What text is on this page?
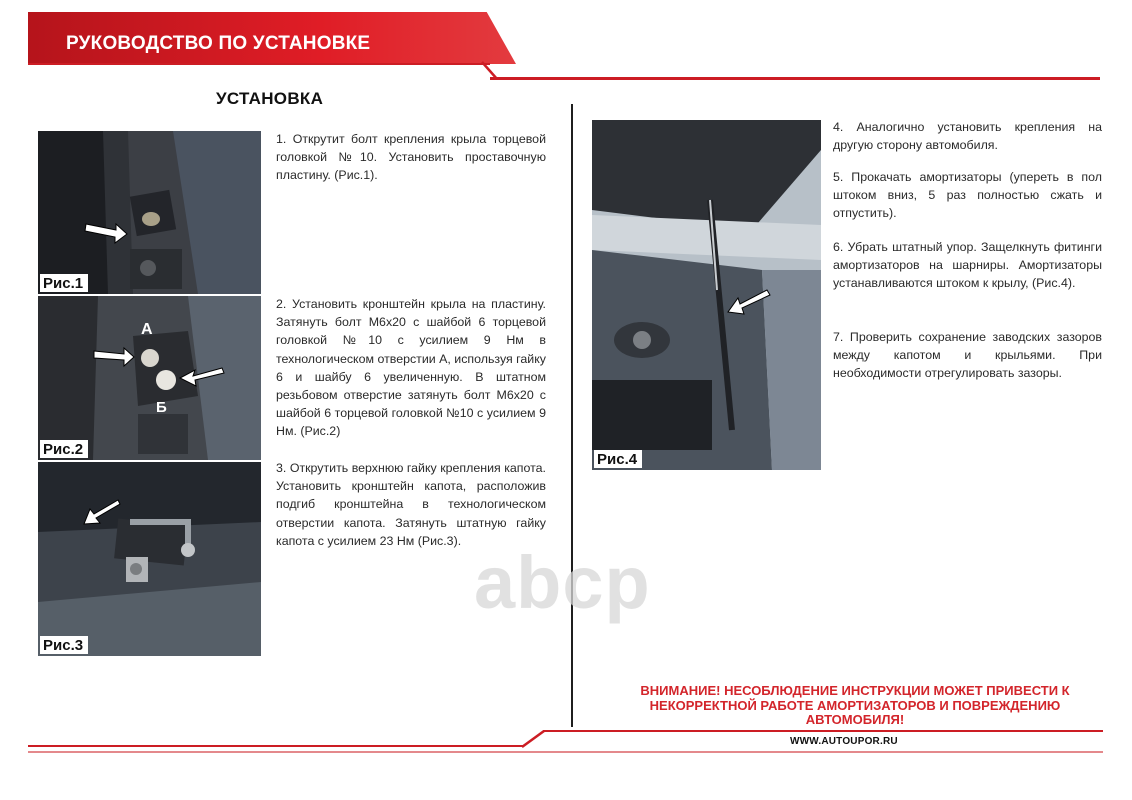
РУКОВОДСТВО ПО УСТАНОВКЕ
УСТАНОВКА
Рис.1
А
Б
Рис.2
Рис.3
Рис.4
1. Открутит болт крепления крыла торцевой головкой №10. Установить проставочную пластину. (Рис.1).
2. Установить кронштейн крыла на пластину. Затянуть болт М6х20 с шайбой 6 торцевой головкой №10 с усилием 9 Нм в технологическом отверстии А, используя гайку 6 и шайбу 6 увеличенную. В штатном резьбовом отверстие затянуть болт М6х20 с шайбой 6 торцевой головкой №10 с усилием 9 Нм. (Рис.2)
3. Открутить верхнюю гайку крепления капота. Установить кронштейн капота, расположив подгиб кронштейна в технологическом отверстии капота. Затянуть штатную гайку капота с усилием 23 Нм (Рис.3).
4. Аналогично установить крепления на другую сторону автомобиля.
5. Прокачать амортизаторы (упереть в пол штоком вниз, 5 раз полностью сжать и отпустить).
6. Убрать штатный упор. Защелкнуть фитинги амортизаторов на шарниры. Амортизаторы устанавливаются штоком к крылу, (Рис.4).
7. Проверить сохранение заводских зазоров между капотом и крыльями. При необходимости отрегулировать зазоры.
abcp
ВНИМАНИЕ! НЕСОБЛЮДЕНИЕ ИНСТРУКЦИИ МОЖЕТ ПРИВЕСТИ К НЕКОРРЕКТНОЙ РАБОТЕ АМОРТИЗАТОРОВ И ПОВРЕЖДЕНИЮ АВТОМОБИЛЯ!
WWW.AUTOUPOR.RU
